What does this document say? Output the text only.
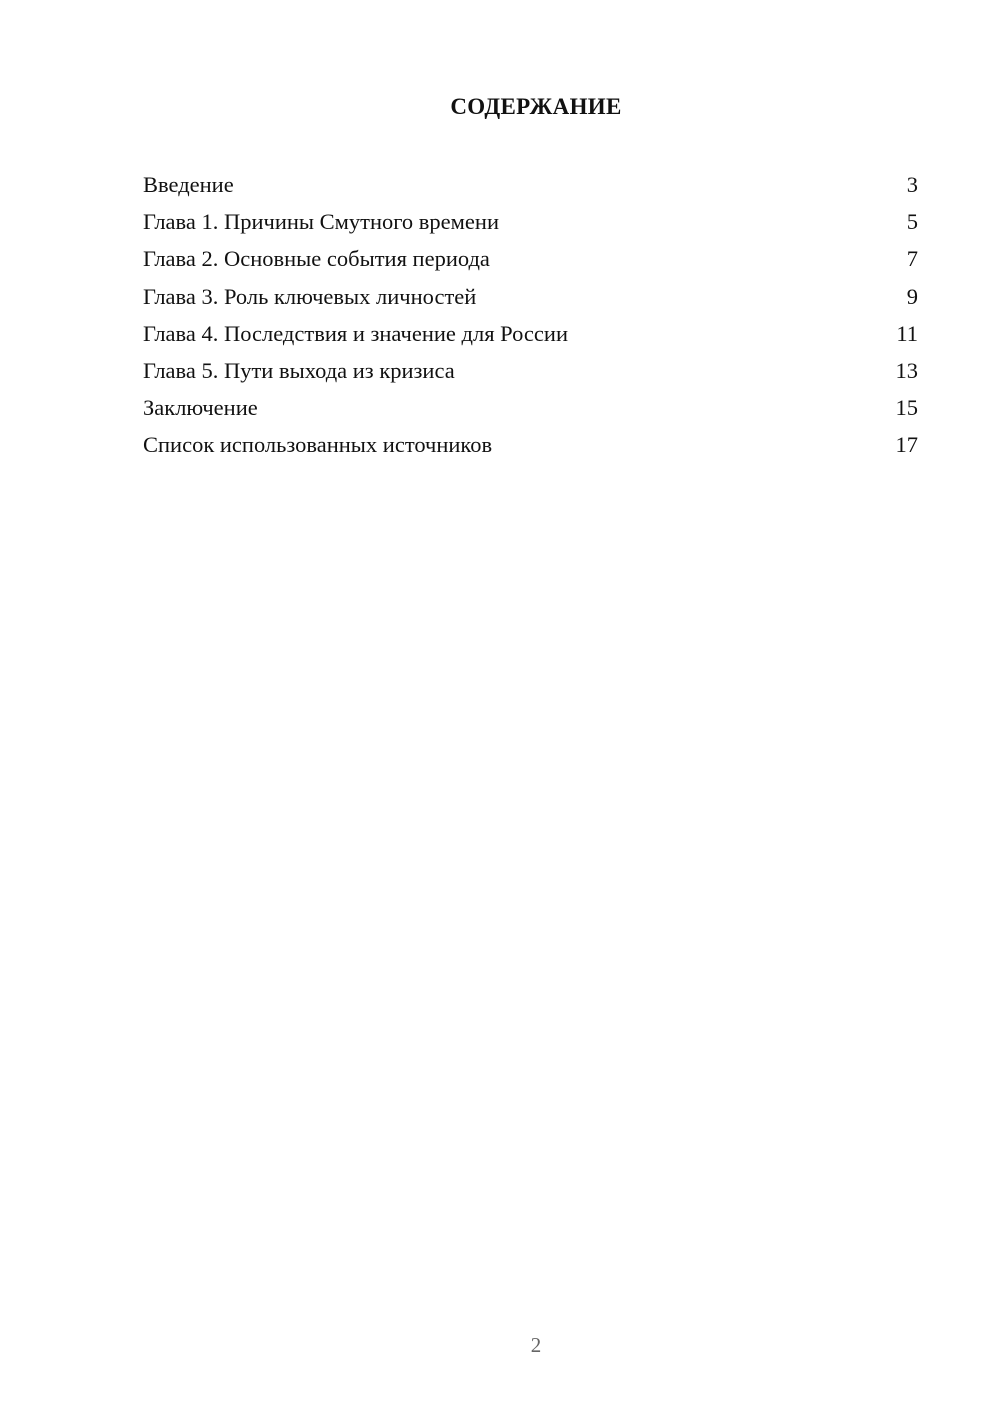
СОДЕРЖАНИЕ
Введение	3
Глава 1. Причины Смутного времени	5
Глава 2. Основные события периода	7
Глава 3. Роль ключевых личностей	9
Глава 4. Последствия и значение для России	11
Глава 5. Пути выхода из кризиса	13
Заключение	15
Список использованных источников	17
2
